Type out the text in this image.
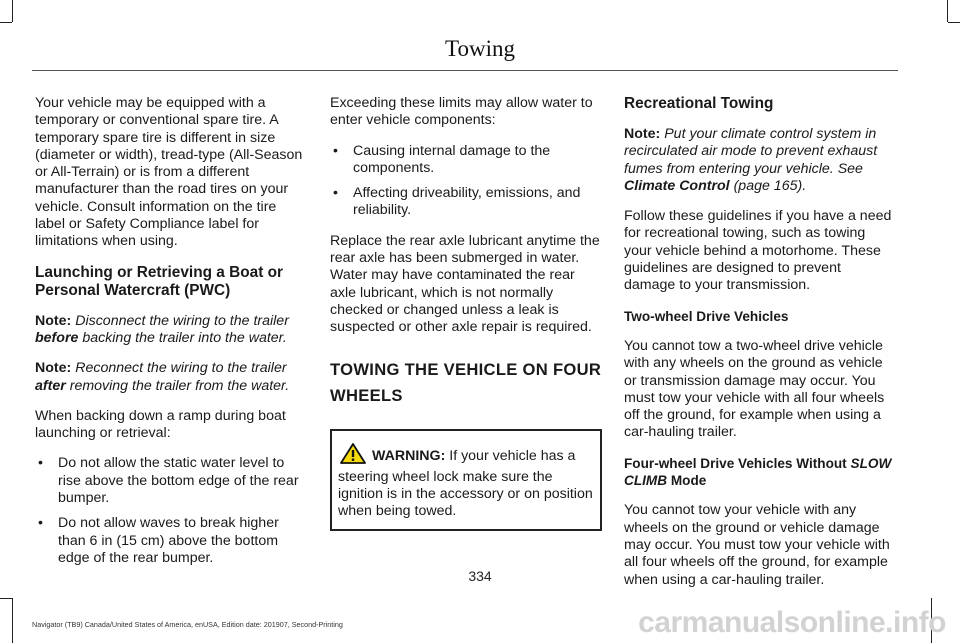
Towing

Your vehicle may be equipped with a temporary or conventional spare tire. A temporary spare tire is different in size (diameter or width), tread-type (All-Season or All-Terrain) or is from a different manufacturer than the road tires on your vehicle. Consult information on the tire label or Safety Compliance label for limitations when using.

Launching or Retrieving a Boat or Personal Watercraft (PWC)

Note: Disconnect the wiring to the trailer before backing the trailer into the water.

Note: Reconnect the wiring to the trailer after removing the trailer from the water.

When backing down a ramp during boat launching or retrieval:

• Do not allow the static water level to rise above the bottom edge of the rear bumper.
• Do not allow waves to break higher than 6 in (15 cm) above the bottom edge of the rear bumper.

Exceeding these limits may allow water to enter vehicle components:

• Causing internal damage to the components.
• Affecting driveability, emissions, and reliability.

Replace the rear axle lubricant anytime the rear axle has been submerged in water. Water may have contaminated the rear axle lubricant, which is not normally checked or changed unless a leak is suspected or other axle repair is required.

TOWING THE VEHICLE ON FOUR WHEELS
WARNING: If your vehicle has a steering wheel lock make sure the ignition is in the accessory or on position when being towed.
Recreational Towing

Note: Put your climate control system in recirculated air mode to prevent exhaust fumes from entering your vehicle. See Climate Control (page 165).

Follow these guidelines if you have a need for recreational towing, such as towing your vehicle behind a motorhome. These guidelines are designed to prevent damage to your transmission.

Two-wheel Drive Vehicles

You cannot tow a two-wheel drive vehicle with any wheels on the ground as vehicle or transmission damage may occur. You must tow your vehicle with all four wheels off the ground, for example when using a car-hauling trailer.

Four-wheel Drive Vehicles Without SLOW CLIMB Mode

You cannot tow your vehicle with any wheels on the ground or vehicle damage may occur. You must tow your vehicle with all four wheels off the ground, for example when using a car-hauling trailer.

334
Navigator (TB9) Canada/United States of America, enUSA, Edition date: 201907, Second-Printing	carmanualsonline.info
